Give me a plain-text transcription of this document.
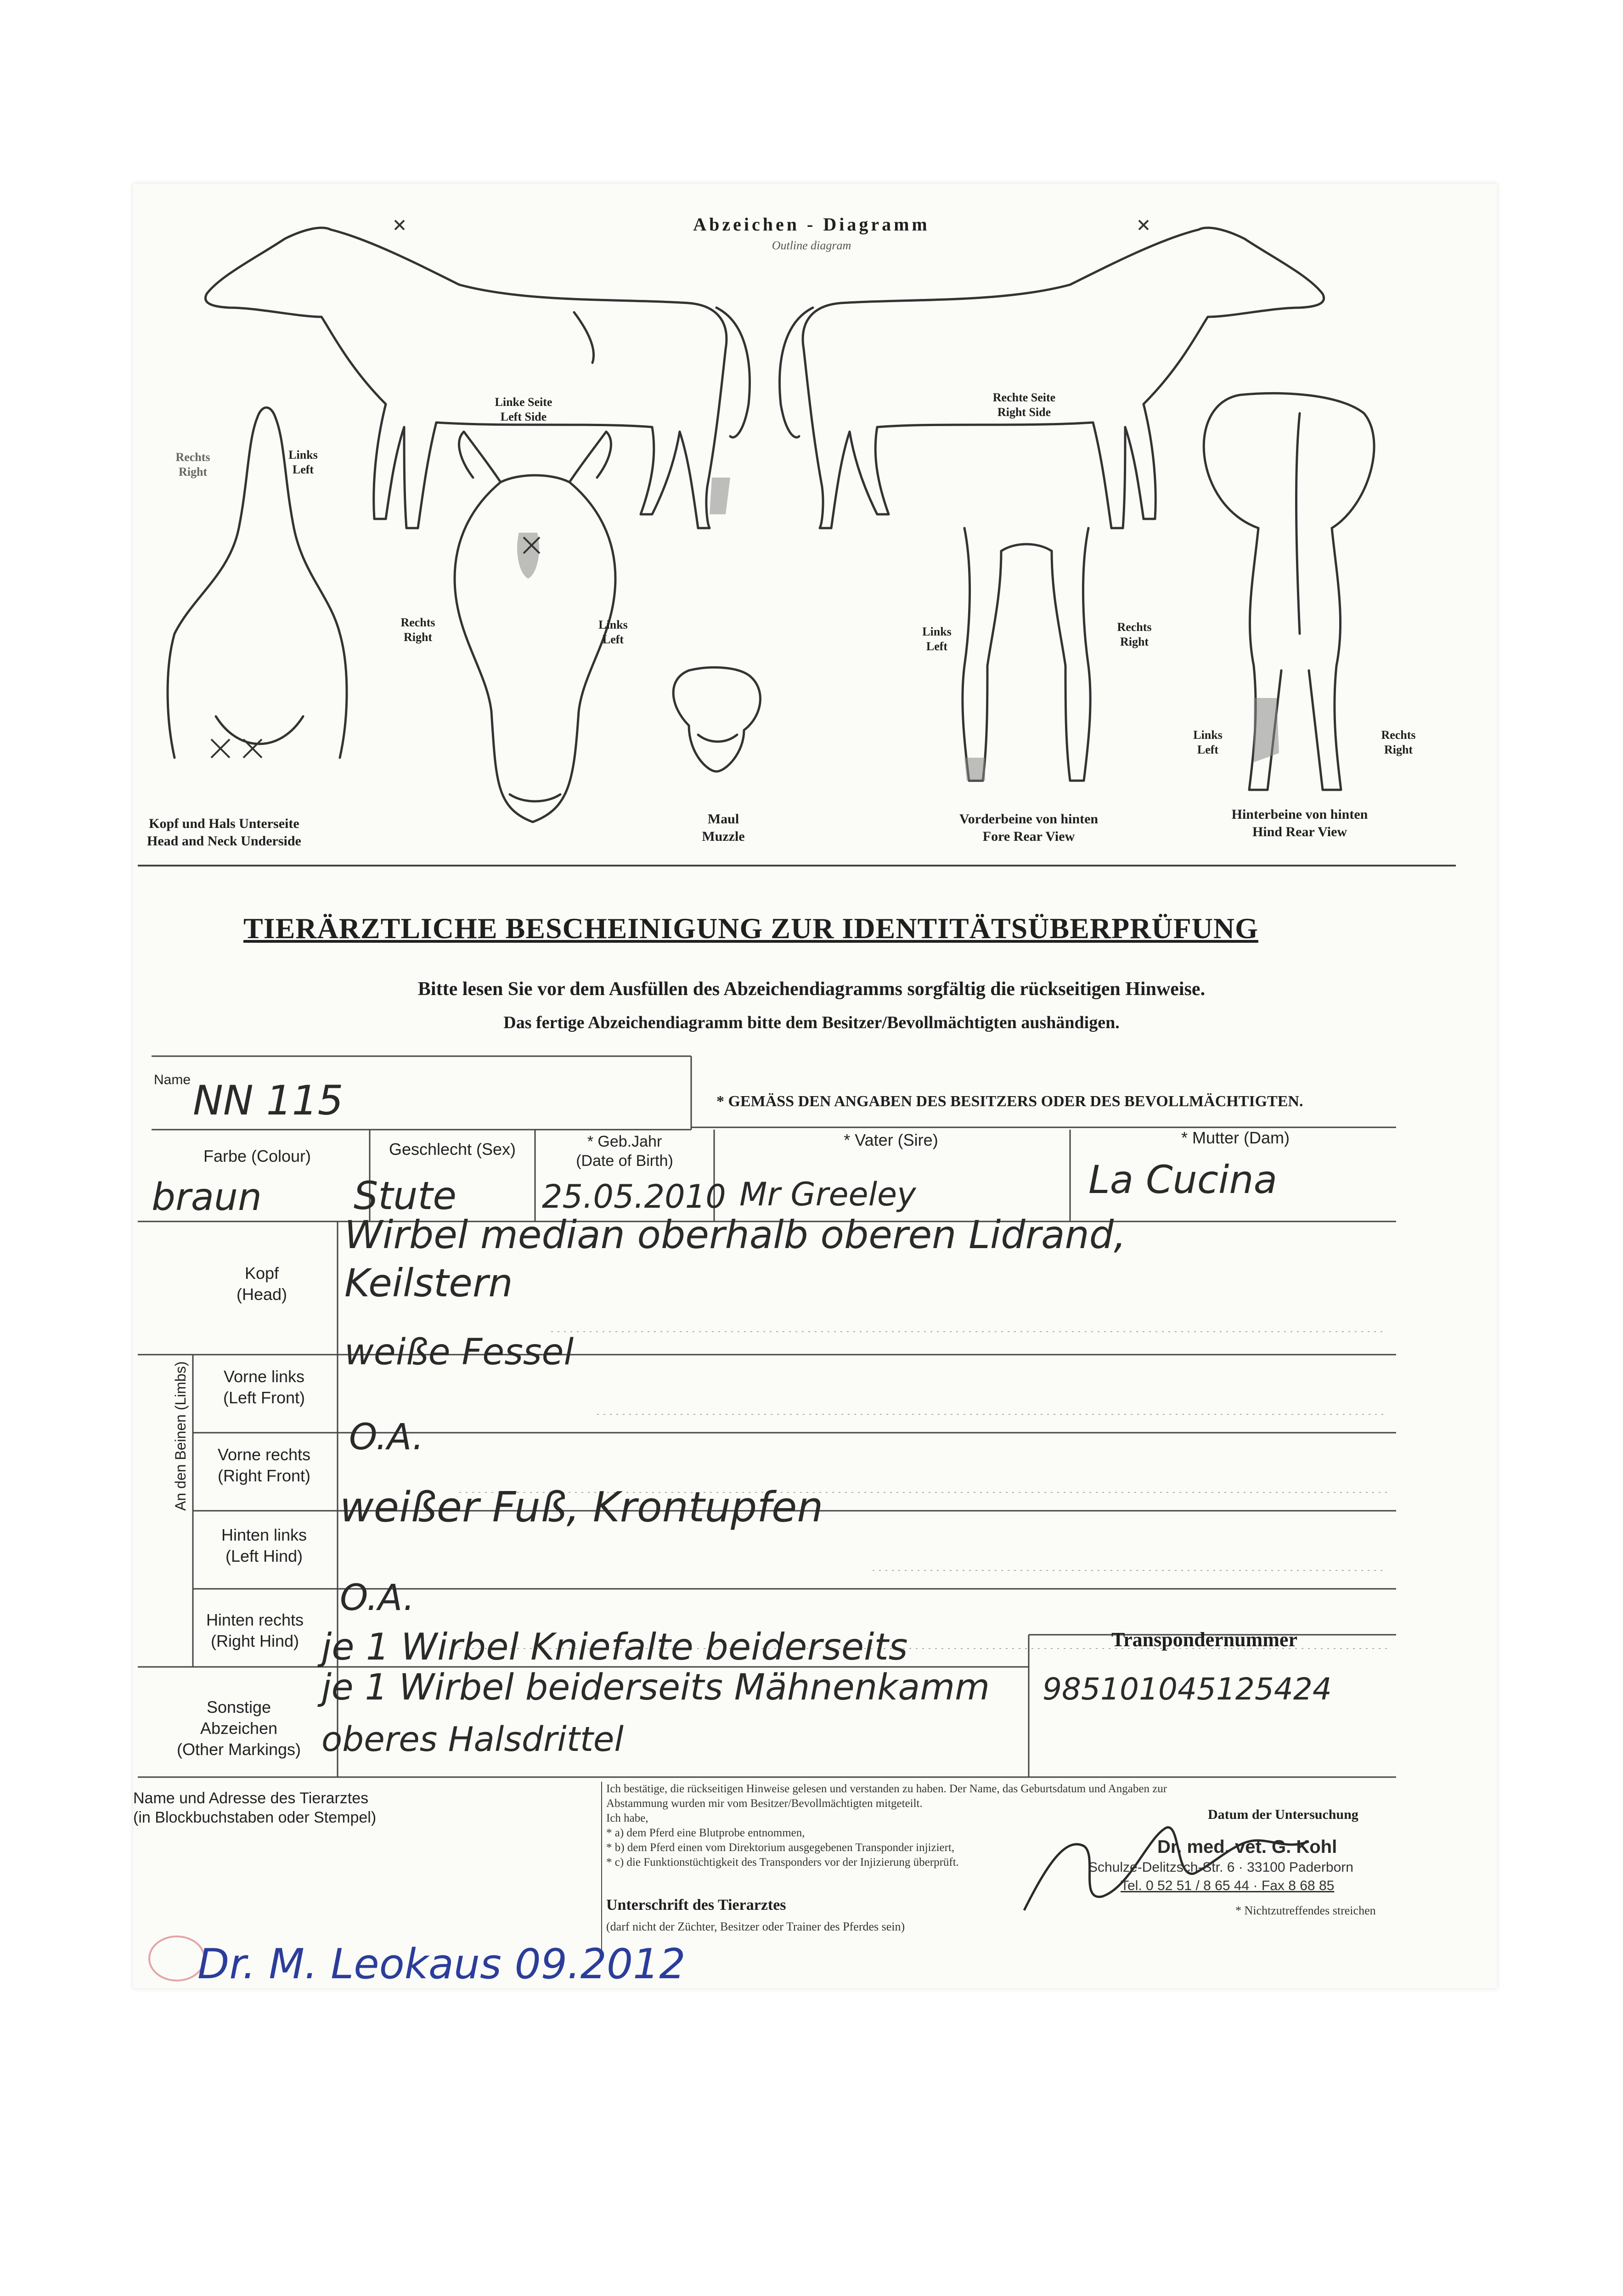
Abzeichen - Diagramm
Outline diagram
Linke Seite
Left Side
Rechte Seite
Right Side
Rechts
Right
Links
Left
Rechts
Right
Links
Left
Links
Left
Rechts
Right
Links
Left
Rechts
Right
Kopf und Hals Unterseite
Head and Neck Underside
Maul
Muzzle
Vorderbeine von hinten
Fore Rear View
Hinterbeine von hinten
Hind Rear View
TIERÄRZTLICHE BESCHEINIGUNG ZUR IDENTITÄTSÜBERPRÜFUNG
Bitte lesen Sie vor dem Ausfüllen des Abzeichendiagramms sorgfältig die rückseitigen Hinweise.
Das fertige Abzeichendiagramm bitte dem Besitzer/Bevollmächtigten aushändigen.
Name NN 115	* GEMÄSS DEN ANGABEN DES BESITZERS ODER DES BEVOLLMÄCHTIGTEN.
Farbe (Colour)
braun
Geschlecht (Sex)
Stute
* Geb.Jahr
(Date of Birth)
25.05.2010
* Vater (Sire)
Mr Greeley
* Mutter (Dam)
La Cucina
Kopf
(Head)
Wirbel median oberhalb oberen Lidrand,
Keilstern
An den Beinen (Limbs)	Vorne links
(Left Front)
weiße Fessel
Vorne rechts
(Right Front)
O.A.
Hinten links
(Left Hind)
weißer Fuß, Krontupfen
Hinten rechts
(Right Hind)
O.A.
Sonstige
Abzeichen
(Other Markings)
je 1 Wirbel Kniefalte beiderseits
je 1 Wirbel beiderseits Mähnenkamm
oberes Halsdrittel
Transpondernummer
985101045125424
Name und Adresse des Tierarztes
(in Blockbuchstaben oder Stempel)
Ich bestätige, die rückseitigen Hinweise gelesen und verstanden zu haben. Der Name, das Geburtsdatum und Angaben zur
Abstammung wurden mir vom Besitzer/Bevollmächtigten mitgeteilt.
Ich habe,
* a) dem Pferd eine Blutprobe entnommen,
* b) dem Pferd einen vom Direktorium ausgegebenen Transponder injiziert,
* c) die Funktionstüchtigkeit des Transponders vor der Injizierung überprüft.
Datum der Untersuchung
Unterschrift des Tierarztes
(darf nicht der Züchter, Besitzer oder Trainer des Pferdes sein)
Dr. med. vet. G. Kohl
Schulze-Delitzsch-Str. 6 · 33100 Paderborn
Tel. 0 52 51 / 8 65 44 · Fax 8 68 85
* Nichtzutreffendes streichen
Dr. M. Leokaus 09.2012
